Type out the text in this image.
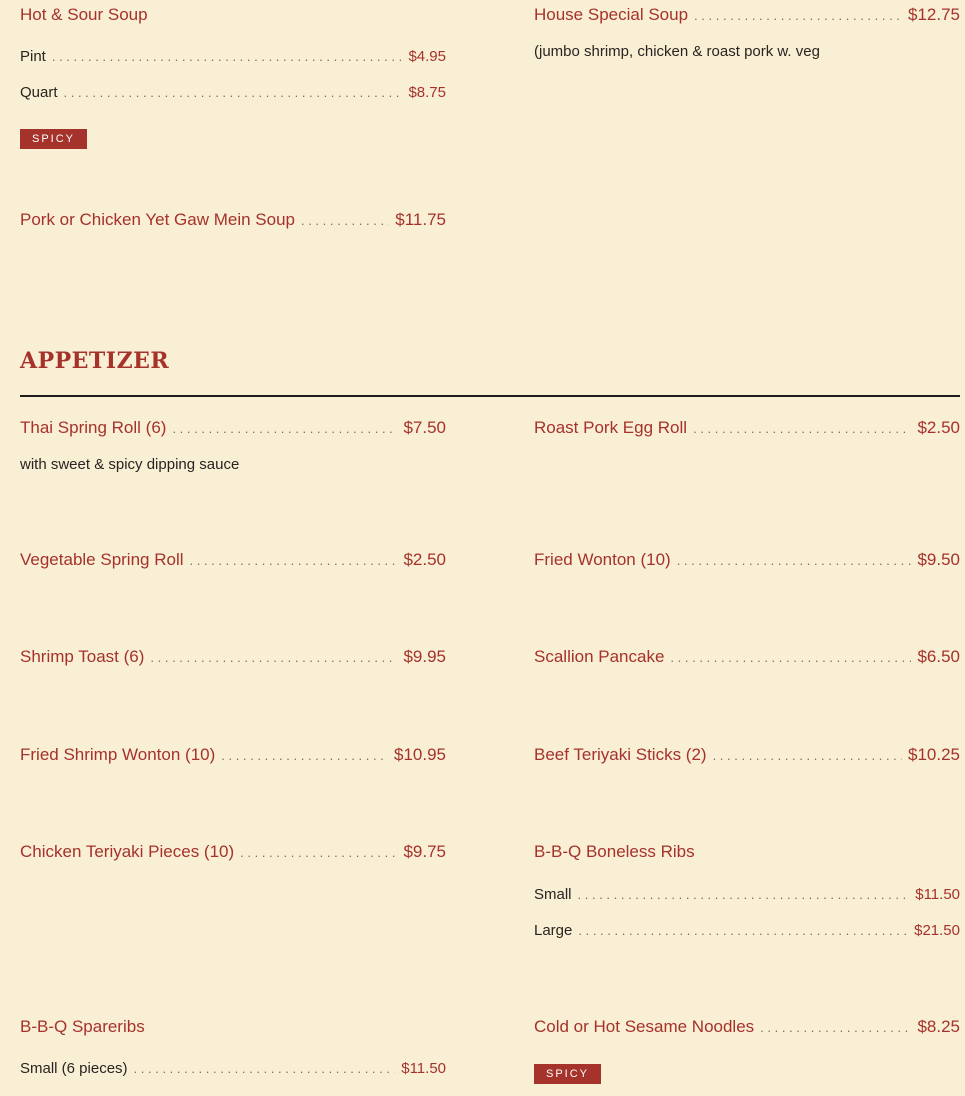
Hot & Sour Soup
Pint . . .	$4.95
Quart . . .	$8.75
SPICY
Pork or Chicken Yet Gaw Mein Soup . . .	$11.75
House Special Soup . . .	$12.75
(jumbo shrimp, chicken & roast pork w. veg
APPETIZER
Thai Spring Roll (6) . . .	$7.50
with sweet & spicy dipping sauce
Roast Pork Egg Roll . . .	$2.50
Vegetable Spring Roll . . .	$2.50	Fried Wonton (10) . . .	$9.50
Shrimp Toast (6) . . .	$9.95	Scallion Pancake . . .	$6.50
Fried Shrimp Wonton (10) . . .	$10.95	Beef Teriyaki Sticks (2) . . .	$10.25
Chicken Teriyaki Pieces (10) . . .	$9.75	B-B-Q Boneless Ribs
Small . . .	$11.50
Large . . .	$21.50
B-B-Q Spareribs
Small (6 pieces) . . .	$11.50
Cold or Hot Sesame Noodles . . .	$8.25
SPICY
